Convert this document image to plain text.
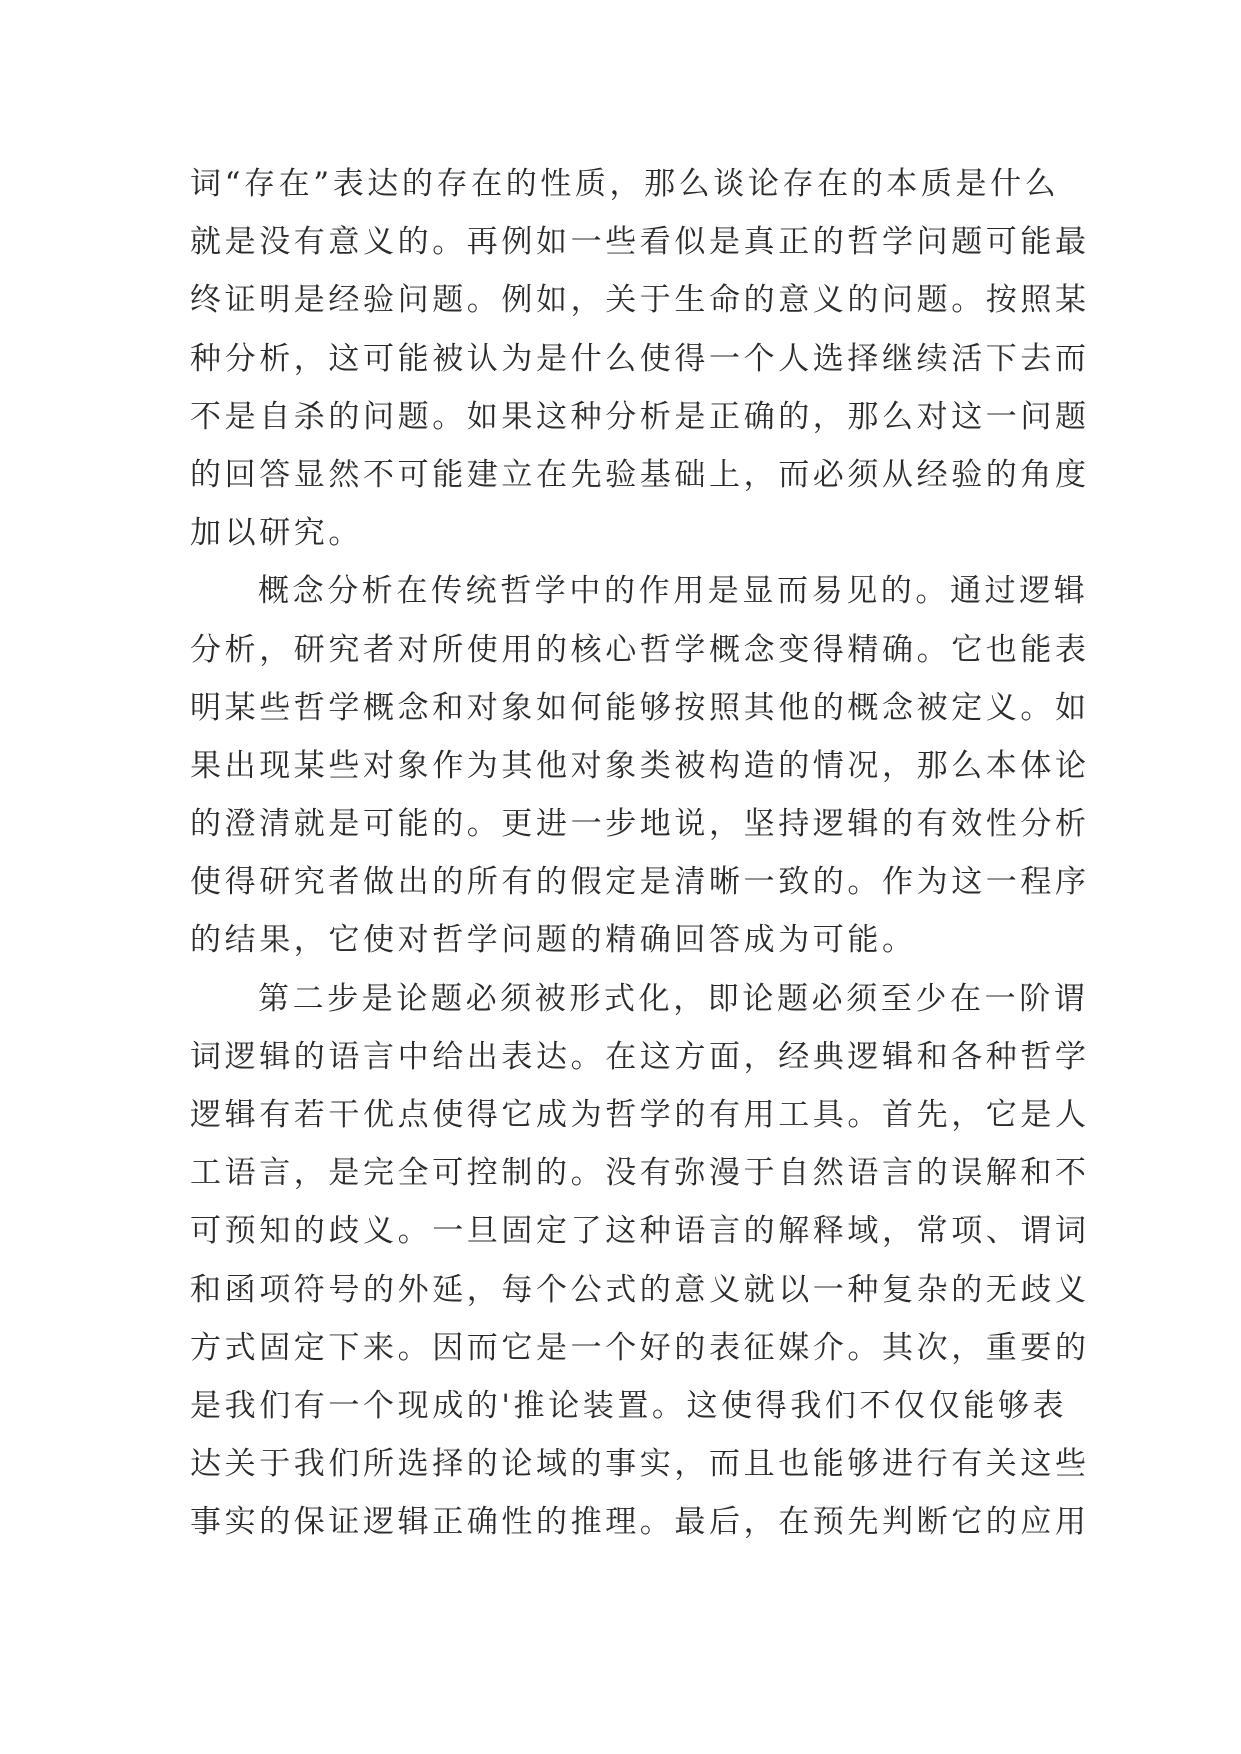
词“存在”表达的存在的性质，那么谈论存在的本质是什么
就是没有意义的。再例如一些看似是真正的哲学问题可能最
终证明是经验问题。例如，关于生命的意义的问题。按照某
种分析，这可能被认为是什么使得一个人选择继续活下去而
不是自杀的问题。如果这种分析是正确的，那么对这一问题
的回答显然不可能建立在先验基础上，而必须从经验的角度
加以研究。
概念分析在传统哲学中的作用是显而易见的。通过逻辑
分析，研究者对所使用的核心哲学概念变得精确。它也能表
明某些哲学概念和对象如何能够按照其他的概念被定义。如
果出现某些对象作为其他对象类被构造的情况，那么本体论
的澄清就是可能的。更进一步地说，坚持逻辑的有效性分析
使得研究者做出的所有的假定是清晰一致的。作为这一程序
的结果，它使对哲学问题的精确回答成为可能。
第二步是论题必须被形式化，即论题必须至少在一阶谓
词逻辑的语言中给出表达。在这方面，经典逻辑和各种哲学
逻辑有若干优点使得它成为哲学的有用工具。首先，它是人
工语言，是完全可控制的。没有弥漫于自然语言的误解和不
可预知的歧义。一旦固定了这种语言的解释域，常项、谓词
和函项符号的外延，每个公式的意义就以一种复杂的无歧义
方式固定下来。因而它是一个好的表征媒介。其次，重要的
是我们有一个现成的'推论装置。这使得我们不仅仅能够表
达关于我们所选择的论域的事实，而且也能够进行有关这些
事实的保证逻辑正确性的推理。最后，在预先判断它的应用
